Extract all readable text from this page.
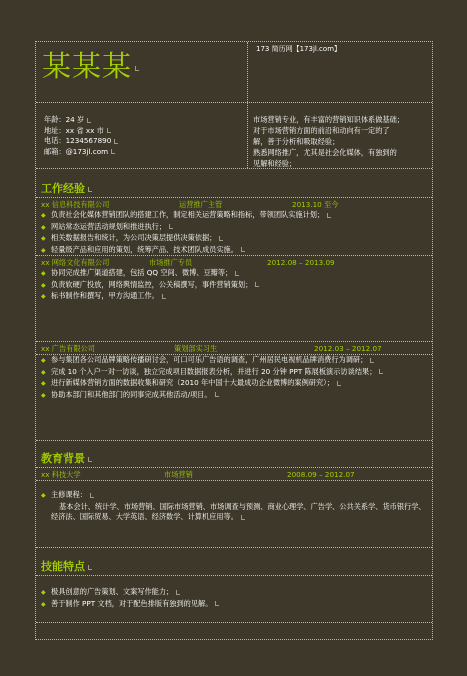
某某某	173 简历网【173jl.com】
年龄：24 岁
地址：xx 省 xx 市
电话：1234567890
邮箱：@173jl.com
市场营销专业，有丰富的营销知识体系做基础；
对于市场营销方面的前沿和动向有一定的了
解，善于分析和吸取经验；
熟悉网络推广，尤其是社会化媒体，有独到的
见解和经验；
工作经验
xx 信息科技有限公司	运营推广主管	2013.10 至今
◆ 负责社会化媒体营销团队的搭建工作，制定相关运营策略和指标，带领团队实施计划；
◆ 网站常态运营活动规划和推进执行；
◆ 相关数据报告和统计，为公司决策层提供决策依据；
◆ 轻量级产品和应用的策划，统筹产品、技术团队成员实施。
xx 网络文化有限公司	市场推广专员	2012.08 – 2013.09
◆ 协同完成推广渠道搭建，包括 QQ 空间、微博、豆瓣等；
◆ 负责软硬广投放，网络舆情监控，公关稿撰写，事件营销策划；
◆ 标书制作和撰写，甲方沟通工作。
xx 广告有限公司	策划部实习生	2012.03 – 2012.07
◆ 参与集团各公司品牌策略传播研讨会，可口可乐广告语的调查，广州居民电视机品牌消费行为调研；
◆ 完成 10 个入户一对一访谈，独立完成项目数据报表分析，并进行 20 分钟 PPT 陈展板演示访谈结果；
◆ 进行新媒体营销方面的数据收集和研究（2010 年中国十大最成功企业微博的案例研究）；
◆ 协助本部门和其他部门的同事完成其他活动/项目。
教育背景
xx 科技大学	市场营销	2008.09 – 2012.07
◆ 主修课程：
基本会计、统计学、市场营销、国际市场营销、市场调查与预测、商业心理学、广告学、公共关系学、货币银行学、经济法、国际贸易、大学英语、经济数学、计算机应用等。
技能特点
◆ 极具创意的广告策划、文案写作能力；
◆ 善于制作 PPT 文档，对于配色排版有独到的见解。
